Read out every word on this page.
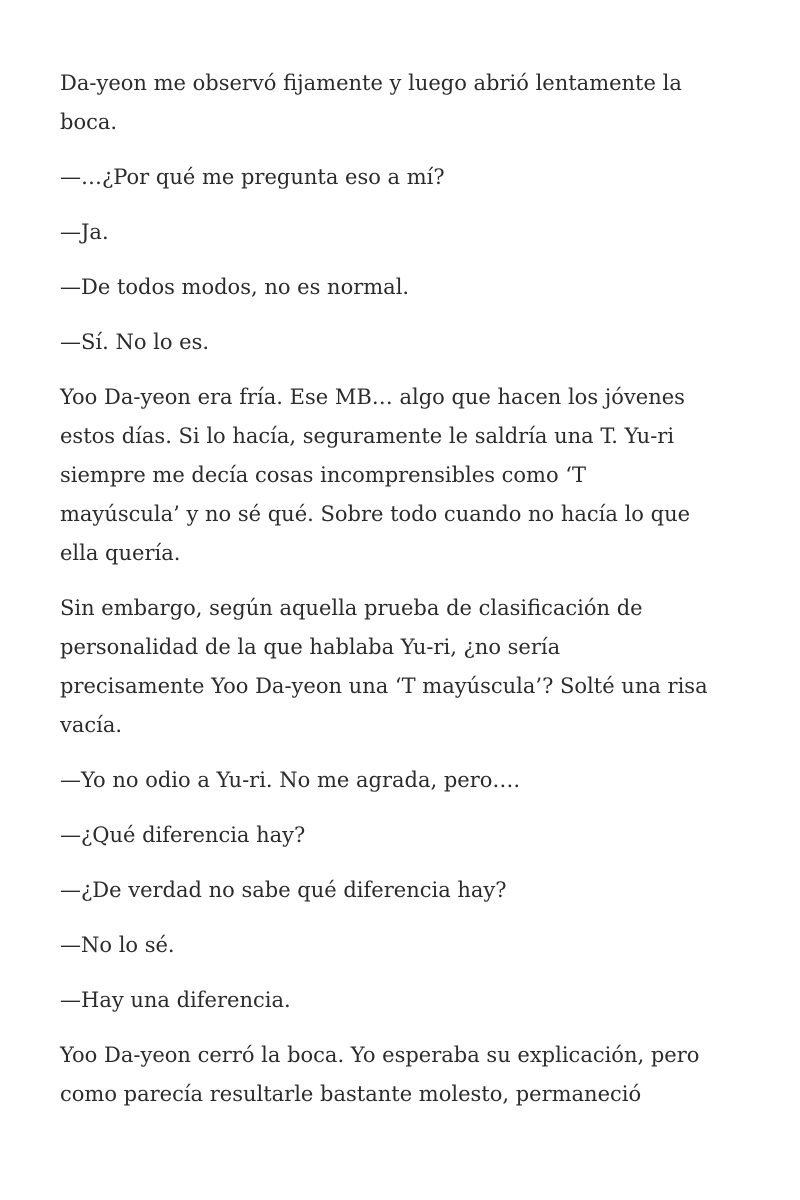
Da-yeon me observó fijamente y luego abrió lentamente la
boca.

—…¿Por qué me pregunta eso a mí?

—Ja.

—De todos modos, no es normal.

—Sí. No lo es.

Yoo Da-yeon era fría. Ese MB… algo que hacen los jóvenes
estos días. Si lo hacía, seguramente le saldría una T. Yu-ri
siempre me decía cosas incomprensibles como ‘T
mayúscula’ y no sé qué. Sobre todo cuando no hacía lo que
ella quería.

Sin embargo, según aquella prueba de clasificación de
personalidad de la que hablaba Yu-ri, ¿no sería
precisamente Yoo Da-yeon una ‘T mayúscula’? Solté una risa
vacía.

—Yo no odio a Yu-ri. No me agrada, pero….

—¿Qué diferencia hay?

—¿De verdad no sabe qué diferencia hay?

—No lo sé.

—Hay una diferencia.

Yoo Da-yeon cerró la boca. Yo esperaba su explicación, pero
como parecía resultarle bastante molesto, permaneció
